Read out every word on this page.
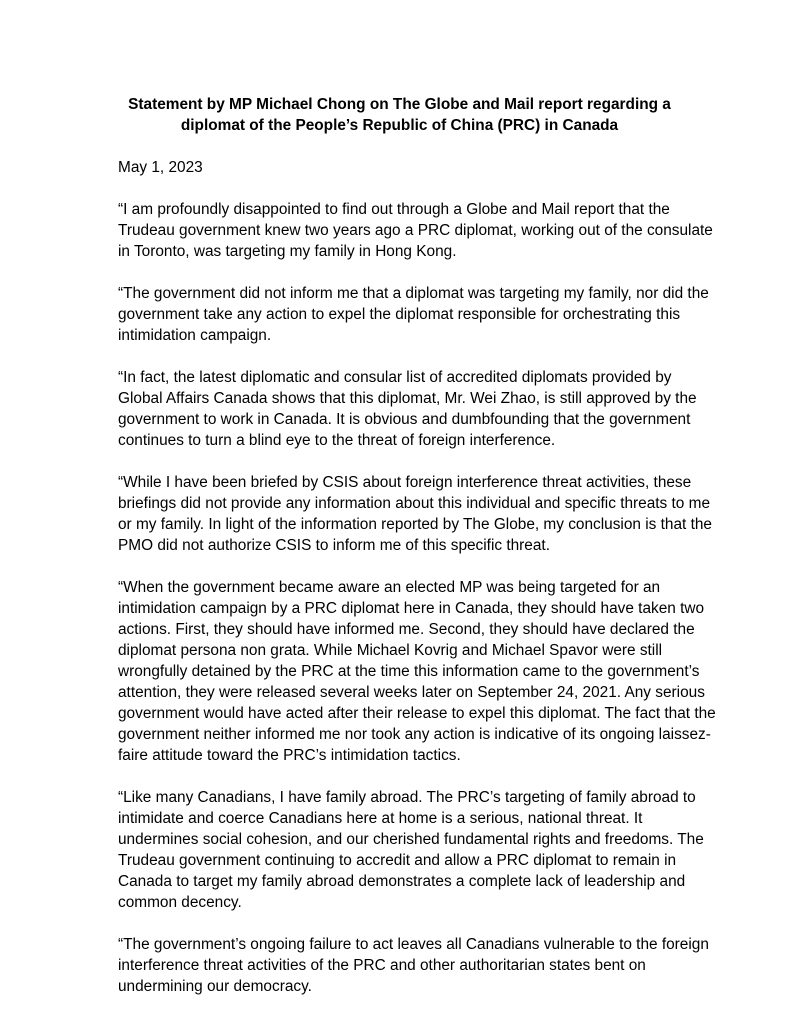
Statement by MP Michael Chong on The Globe and Mail report regarding a
diplomat of the People’s Republic of China (PRC) in Canada
May 1, 2023
“I am profoundly disappointed to find out through a Globe and Mail report that the
Trudeau government knew two years ago a PRC diplomat, working out of the consulate
in Toronto, was targeting my family in Hong Kong.
“The government did not inform me that a diplomat was targeting my family, nor did the
government take any action to expel the diplomat responsible for orchestrating this
intimidation campaign.
“In fact, the latest diplomatic and consular list of accredited diplomats provided by
Global Affairs Canada shows that this diplomat, Mr. Wei Zhao, is still approved by the
government to work in Canada. It is obvious and dumbfounding that the government
continues to turn a blind eye to the threat of foreign interference.
“While I have been briefed by CSIS about foreign interference threat activities, these
briefings did not provide any information about this individual and specific threats to me
or my family. In light of the information reported by The Globe, my conclusion is that the
PMO did not authorize CSIS to inform me of this specific threat.
“When the government became aware an elected MP was being targeted for an
intimidation campaign by a PRC diplomat here in Canada, they should have taken two
actions. First, they should have informed me. Second, they should have declared the
diplomat persona non grata. While Michael Kovrig and Michael Spavor were still
wrongfully detained by the PRC at the time this information came to the government’s
attention, they were released several weeks later on September 24, 2021. Any serious
government would have acted after their release to expel this diplomat. The fact that the
government neither informed me nor took any action is indicative of its ongoing laissez-
faire attitude toward the PRC’s intimidation tactics.
“Like many Canadians, I have family abroad. The PRC’s targeting of family abroad to
intimidate and coerce Canadians here at home is a serious, national threat. It
undermines social cohesion, and our cherished fundamental rights and freedoms. The
Trudeau government continuing to accredit and allow a PRC diplomat to remain in
Canada to target my family abroad demonstrates a complete lack of leadership and
common decency.
“The government’s ongoing failure to act leaves all Canadians vulnerable to the foreign
interference threat activities of the PRC and other authoritarian states bent on
undermining our democracy.
